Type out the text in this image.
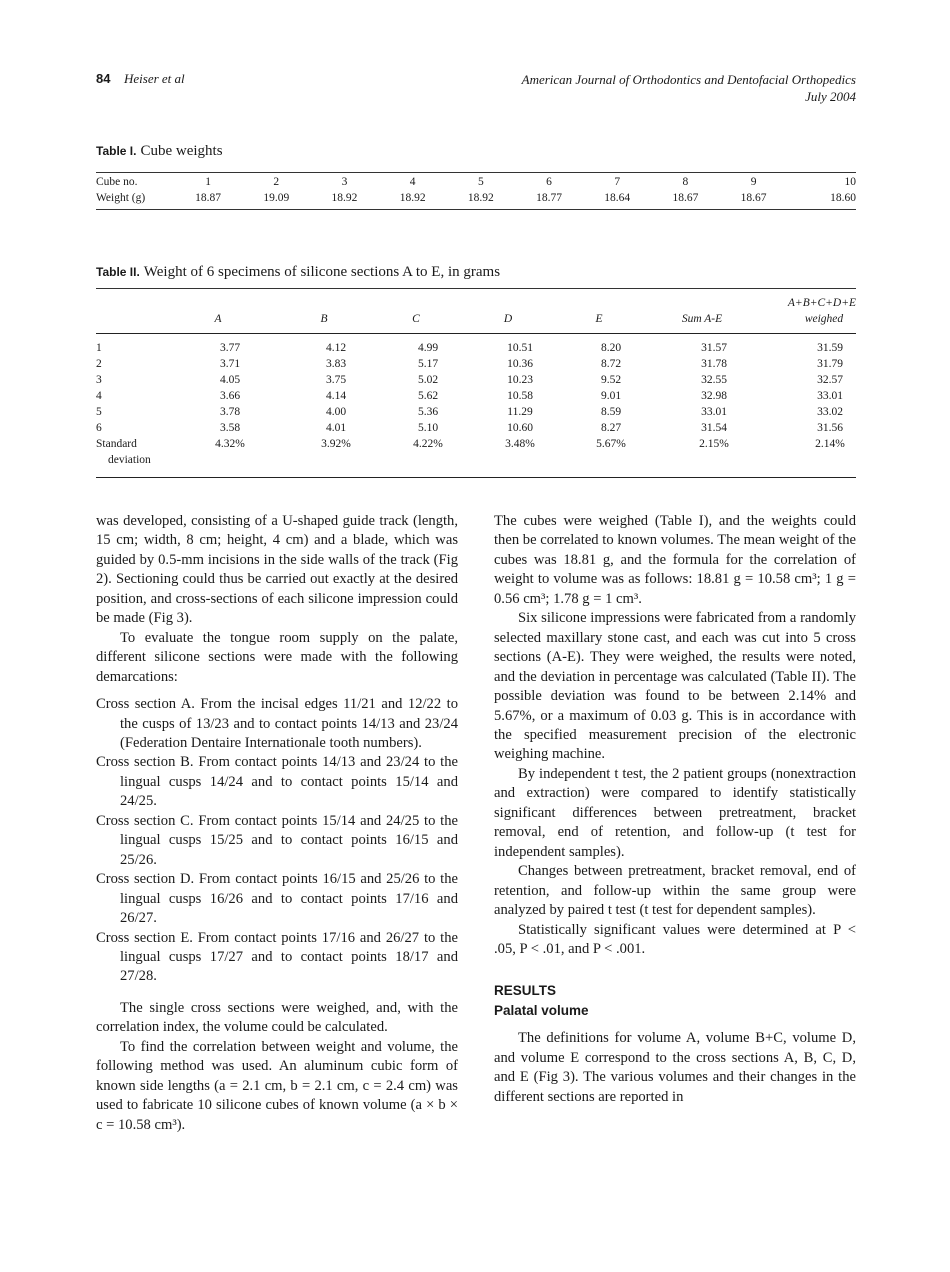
84 Heiser et al	American Journal of Orthodontics and Dentofacial Orthopedics
July 2004
Table I. Cube weights
Cube no.	1	2	3	4	5	6	7	8	9	10
Weight (g)	18.87	19.09	18.92	18.92	18.92	18.77	18.64	18.67	18.67	18.60
Table II. Weight of 6 specimens of silicone sections A to E, in grams
							A+B+C+D+E
	A	B	C	D	E	Sum A-E	weighed
1	3.77	4.12	4.99	10.51	8.20	31.57	31.59
2	3.71	3.83	5.17	10.36	8.72	31.78	31.79
3	4.05	3.75	5.02	10.23	9.52	32.55	32.57
4	3.66	4.14	5.62	10.58	9.01	32.98	33.01
5	3.78	4.00	5.36	11.29	8.59	33.01	33.02
6	3.58	4.01	5.10	10.60	8.27	31.54	31.56
Standard	4.32%	3.92%	4.22%	3.48%	5.67%	2.15%	2.14%
deviation							

was developed, consisting of a U-shaped guide track (length, 15 cm; width, 8 cm; height, 4 cm) and a blade, which was guided by 0.5-mm incisions in the side walls of the track (Fig 2). Sectioning could thus be carried out exactly at the desired position, and cross-sections of each silicone impression could be made (Fig 3).

To evaluate the tongue room supply on the palate, different silicone sections were made with the following demarcations:

Cross section A. From the incisal edges 11/21 and 12/22 to the cusps of 13/23 and to contact points 14/13 and 23/24 (Federation Dentaire Internationale tooth numbers).

Cross section B. From contact points 14/13 and 23/24 to the lingual cusps 14/24 and to contact points 15/14 and 24/25.

Cross section C. From contact points 15/14 and 24/25 to the lingual cusps 15/25 and to contact points 16/15 and 25/26.

Cross section D. From contact points 16/15 and 25/26 to the lingual cusps 16/26 and to contact points 17/16 and 26/27.

Cross section E. From contact points 17/16 and 26/27 to the lingual cusps 17/27 and to contact points 18/17 and 27/28.

The single cross sections were weighed, and, with the correlation index, the volume could be calculated.

To find the correlation between weight and volume, the following method was used. An aluminum cubic form of known side lengths (a = 2.1 cm, b = 2.1 cm, c = 2.4 cm) was used to fabricate 10 silicone cubes of known volume (a × b × c = 10.58 cm³).

The cubes were weighed (Table I), and the weights could then be correlated to known volumes. The mean weight of the cubes was 18.81 g, and the formula for the correlation of weight to volume was as follows: 18.81 g = 10.58 cm³; 1 g = 0.56 cm³; 1.78 g = 1 cm³.

Six silicone impressions were fabricated from a randomly selected maxillary stone cast, and each was cut into 5 cross sections (A-E). They were weighed, the results were noted, and the deviation in percentage was calculated (Table II). The possible deviation was found to be between 2.14% and 5.67%, or a maximum of 0.03 g. This is in accordance with the specified measurement precision of the electronic weighing machine.

By independent t test, the 2 patient groups (nonextraction and extraction) were compared to identify statistically significant differences between pretreatment, bracket removal, end of retention, and follow-up (t test for independent samples).

Changes between pretreatment, bracket removal, end of retention, and follow-up within the same group were analyzed by paired t test (t test for dependent samples).

Statistically significant values were determined at P < .05, P < .01, and P < .001.

RESULTS
Palatal volume

The definitions for volume A, volume B+C, volume D, and volume E correspond to the cross sections A, B, C, D, and E (Fig 3). The various volumes and their changes in the different sections are reported in
